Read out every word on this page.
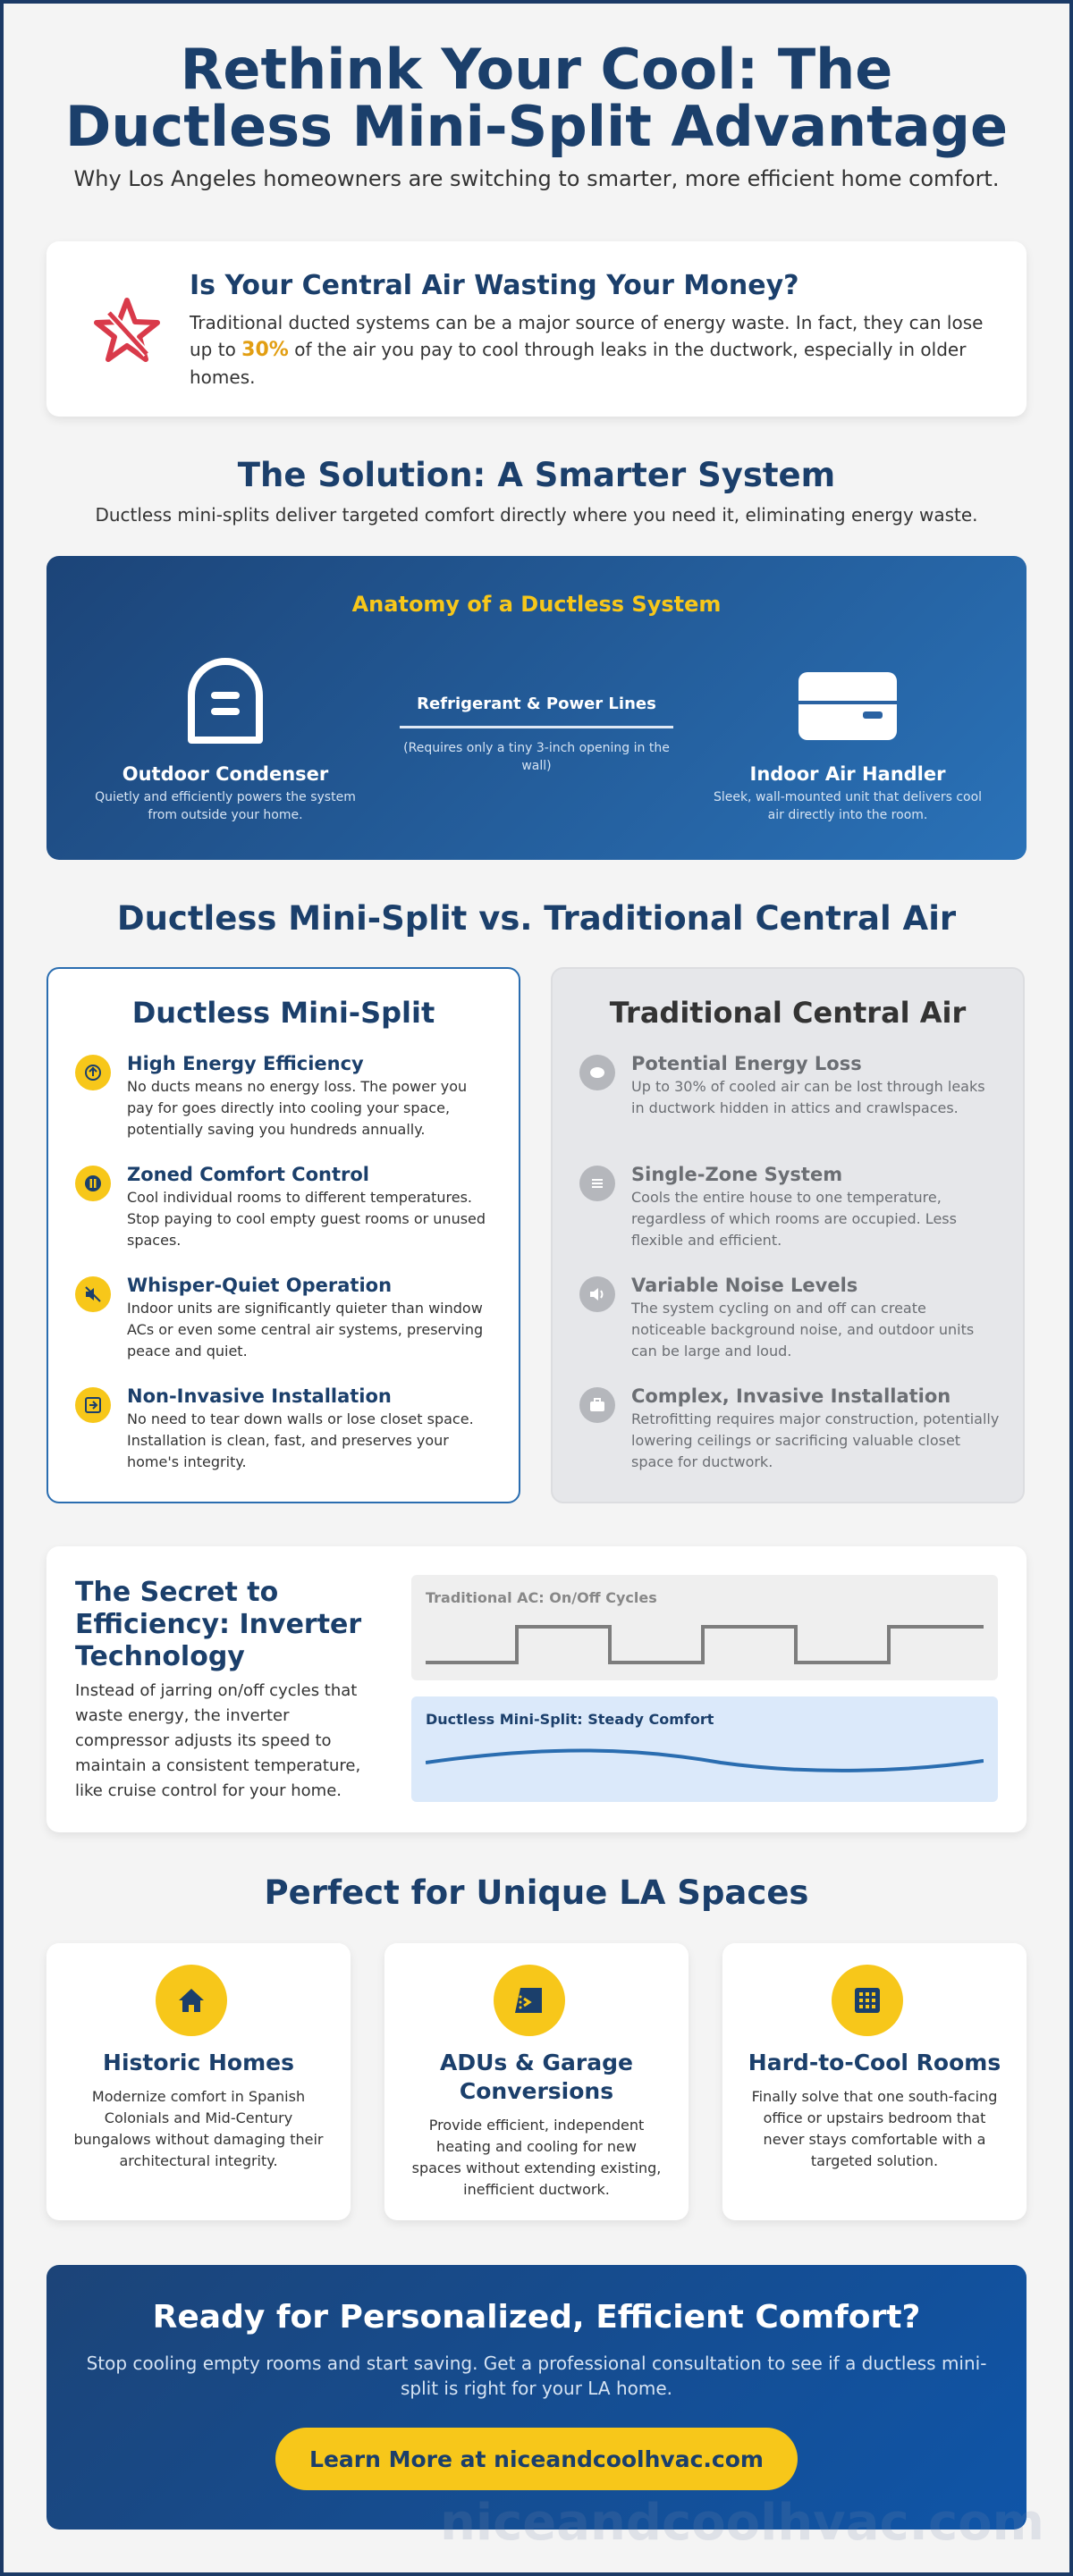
Rethink Your Cool: The Ductless Mini-Split Advantage

Why Los Angeles homeowners are switching to smarter, more efficient home comfort.

Is Your Central Air Wasting Your Money?

Traditional ducted systems can be a major source of energy waste. In fact, they can lose up to 30% of the air you pay to cool through leaks in the ductwork, especially in older homes.

The Solution: A Smarter System

Ductless mini-splits deliver targeted comfort directly where you need it, eliminating energy waste.

Anatomy of a Ductless System
Outdoor Condenser
Quietly and efficiently powers the system from outside your home.
Refrigerant & Power Lines
(Requires only a tiny 3-inch opening in the wall)	Indoor Air Handler
Sleek, wall-mounted unit that delivers cool air directly into the room.
Ductless Mini-Split vs. Traditional Central Air
Ductless Mini-Split
High Energy Efficiency
No ducts means no energy loss. The power you pay for goes directly into cooling your space, potentially saving you hundreds annually.
Zoned Comfort Control
Cool individual rooms to different temperatures. Stop paying to cool empty guest rooms or unused spaces.
Whisper-Quiet Operation
Indoor units are significantly quieter than window ACs or even some central air systems, preserving peace and quiet.
Non-Invasive Installation
No need to tear down walls or lose closet space. Installation is clean, fast, and preserves your home's integrity.
Traditional Central Air
Potential Energy Loss
Up to 30% of cooled air can be lost through leaks in ductwork hidden in attics and crawlspaces.
Single-Zone System
Cools the entire house to one temperature, regardless of which rooms are occupied. Less flexible and efficient.
Variable Noise Levels
The system cycling on and off can create noticeable background noise, and outdoor units can be large and loud.
Complex, Invasive Installation
Retrofitting requires major construction, potentially lowering ceilings or sacrificing valuable closet space for ductwork.
The Secret to Efficiency: Inverter Technology

Instead of jarring on/off cycles that waste energy, the inverter compressor adjusts its speed to maintain a consistent temperature, like cruise control for your home.

Traditional AC: On/Off Cycles
Ductless Mini-Split: Steady Comfort
Perfect for Unique LA Spaces
Historic Homes
Modernize comfort in Spanish Colonials and Mid-Century bungalows without damaging their architectural integrity.
ADUs & Garage Conversions
Provide efficient, independent heating and cooling for new spaces without extending existing, inefficient ductwork.
Hard-to-Cool Rooms
Finally solve that one south-facing office or upstairs bedroom that never stays comfortable with a targeted solution.
Ready for Personalized, Efficient Comfort?

Stop cooling empty rooms and start saving. Get a professional consultation to see if a ductless mini-split is right for your LA home.

Learn More at niceandcoolhvac.com
niceandcoolhvac.com
